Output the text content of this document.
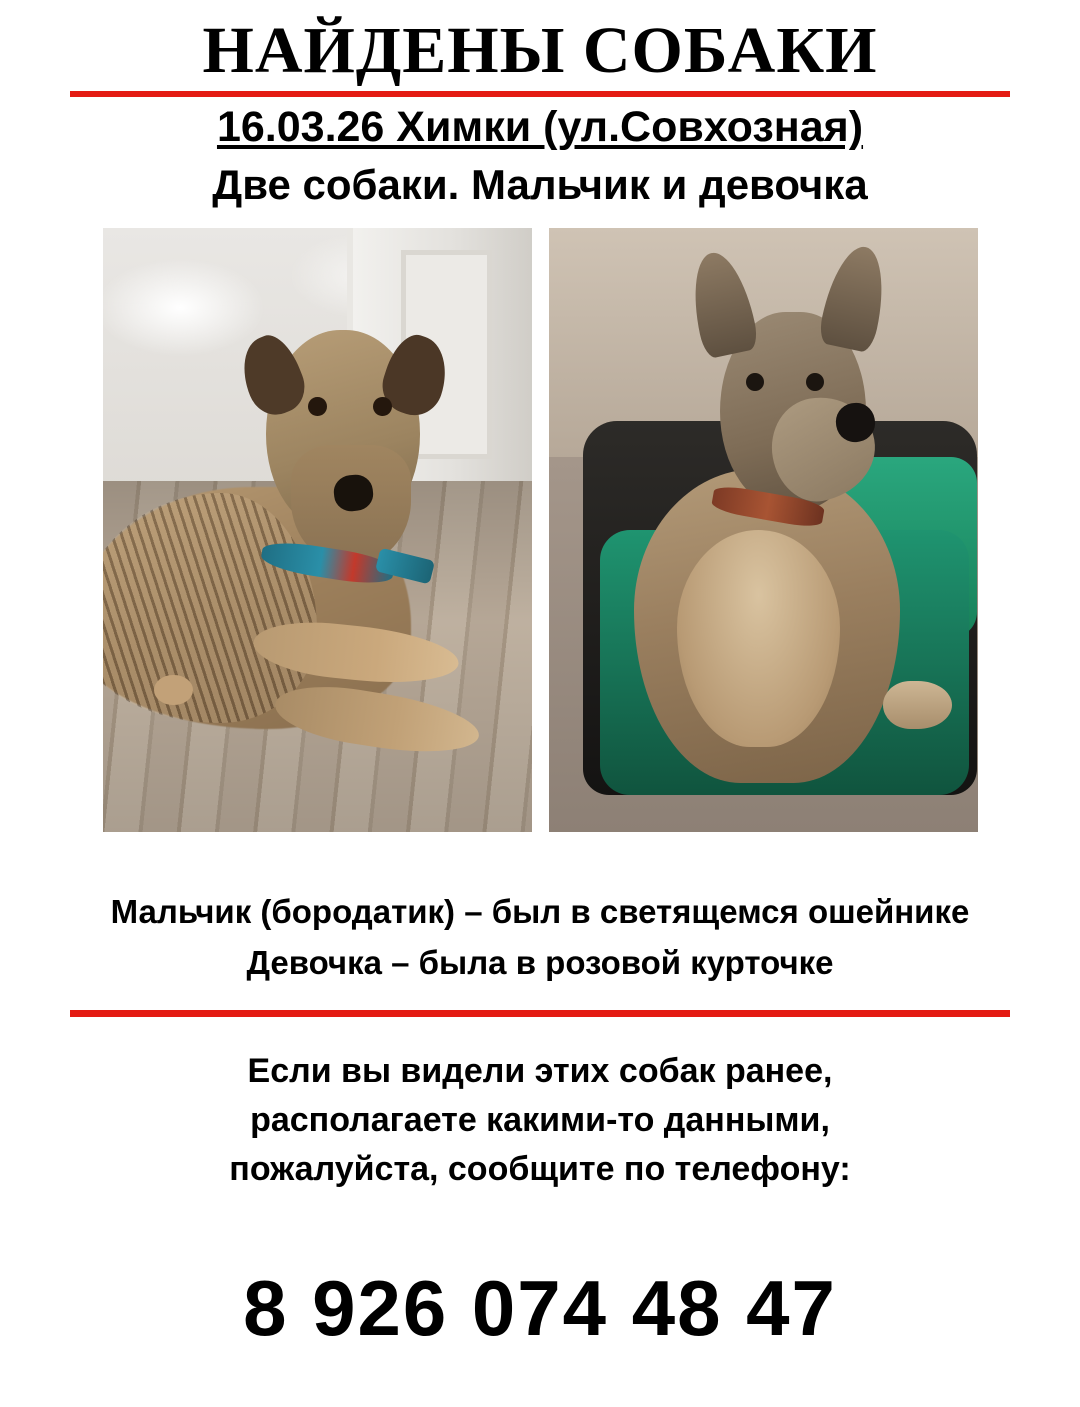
НАЙДЕНЫ СОБАКИ
16.03.26 Химки (ул.Совхозная)
Две собаки. Мальчик и девочка
Мальчик (бородатик) – был в светящемся ошейнике
Девочка – была в розовой курточке
Если вы видели этих собак ранее,
располагаете какими-то данными,
пожалуйста, сообщите по телефону:
8 926 074 48 47
